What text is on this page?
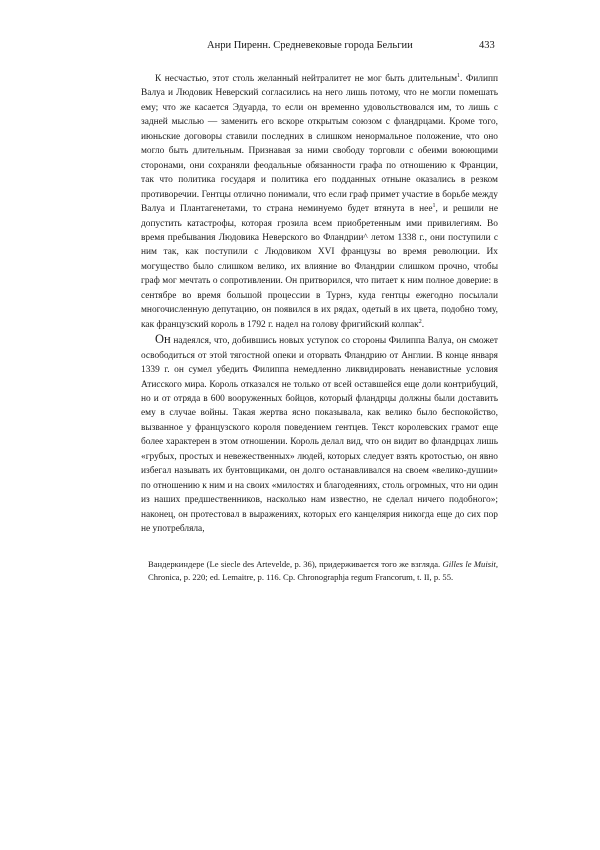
Анри Пиренн. Средневековые города Бельгии	433

К несчастью, этот столь желанный нейтралитет не мог быть длительным$^1$. Филипп Валуа и Людовик Неверский согласились на него лишь потому, что не могли помешать ему; что же касается Эдуарда, то если он временно удовольствовался им, то лишь с задней мыслью — заменить его вскоре открытым союзом с фландрцами. Кроме того, июньские договоры ставили последних в слишком ненормальное положение, что оно могло быть длительным. Признавая за ними свободу торговли с обеими воюющими сторонами, они сохраняли феодальные обязанности графа по отношению к Франции, так что политика государя и политика его подданных отныне оказались в резком противоречии. Гентцы отлично понимали, что если граф примет участие в борьбе между Валуа и Плантагенетами, то страна неминуемо будет втянута в нее$^1$, и решили не допустить катастрофы, которая грозила всем приобретенным ими привилегиям. Во время пребывания Людовика Неверского во Фландрии^ летом 1338 г., они поступили с ним так, как поступили с Людовиком XVI французы во время революции. Их могущество было слишком велико, их влияние во Фландрии слишком прочно, чтобы граф мог мечтать о сопротивлении. Он притворился, что питает к ним полное доверие: в сентябре во время большой процессии в Турнэ, куда гентцы ежегодно посылали многочисленную депутацию, он появился в их рядах, одетый в их цвета, подобно тому, как французский король в 1792 г. надел на голову фригийский колпак$^2$.

Он надеялся, что, добившись новых уступок со стороны Филиппа Валуа, он сможет освободиться от этой тягостной опеки и оторвать Фландрию от Англии. В конце января 1339 г. он сумел убедить Филиппа немедленно ликвидировать ненавистные условия Атисского мира. Король отказался не только от всей оставшейся еще доли контрибуций, но и от отряда в 600 вооруженных бойцов, который фландрцы должны были доставить ему в случае войны. Такая жертва ясно показывала, как велико было беспокойство, вызванное у французского короля поведением гентцев. Текст королевских грамот еще более характерен в этом отношении. Король делал вид, что он видит во фландрцах лишь «грубых, простых и невежественных» людей, которых следует взять кротостью, он явно избегал называть их бунтовщиками, он долго останавливался на своем «велико-душии» по отношению к ним и на своих «милостях и благодеяниях, столь огромных, что ни один из наших предшественников, насколько нам известно, не сделал ничего подобного»; наконец, он протестовал в выражениях, которых его канцелярия никогда еще до сих пор не употребляла,

Вандеркиндере (Le siecle des Artevelde, p. 36), придерживается того же взгляда. Gilles le Muisit, Chronica, p. 220; ed. Lemaitre, p. 116. Ср. Chronographja regum Francorum, t. II, p. 55.
